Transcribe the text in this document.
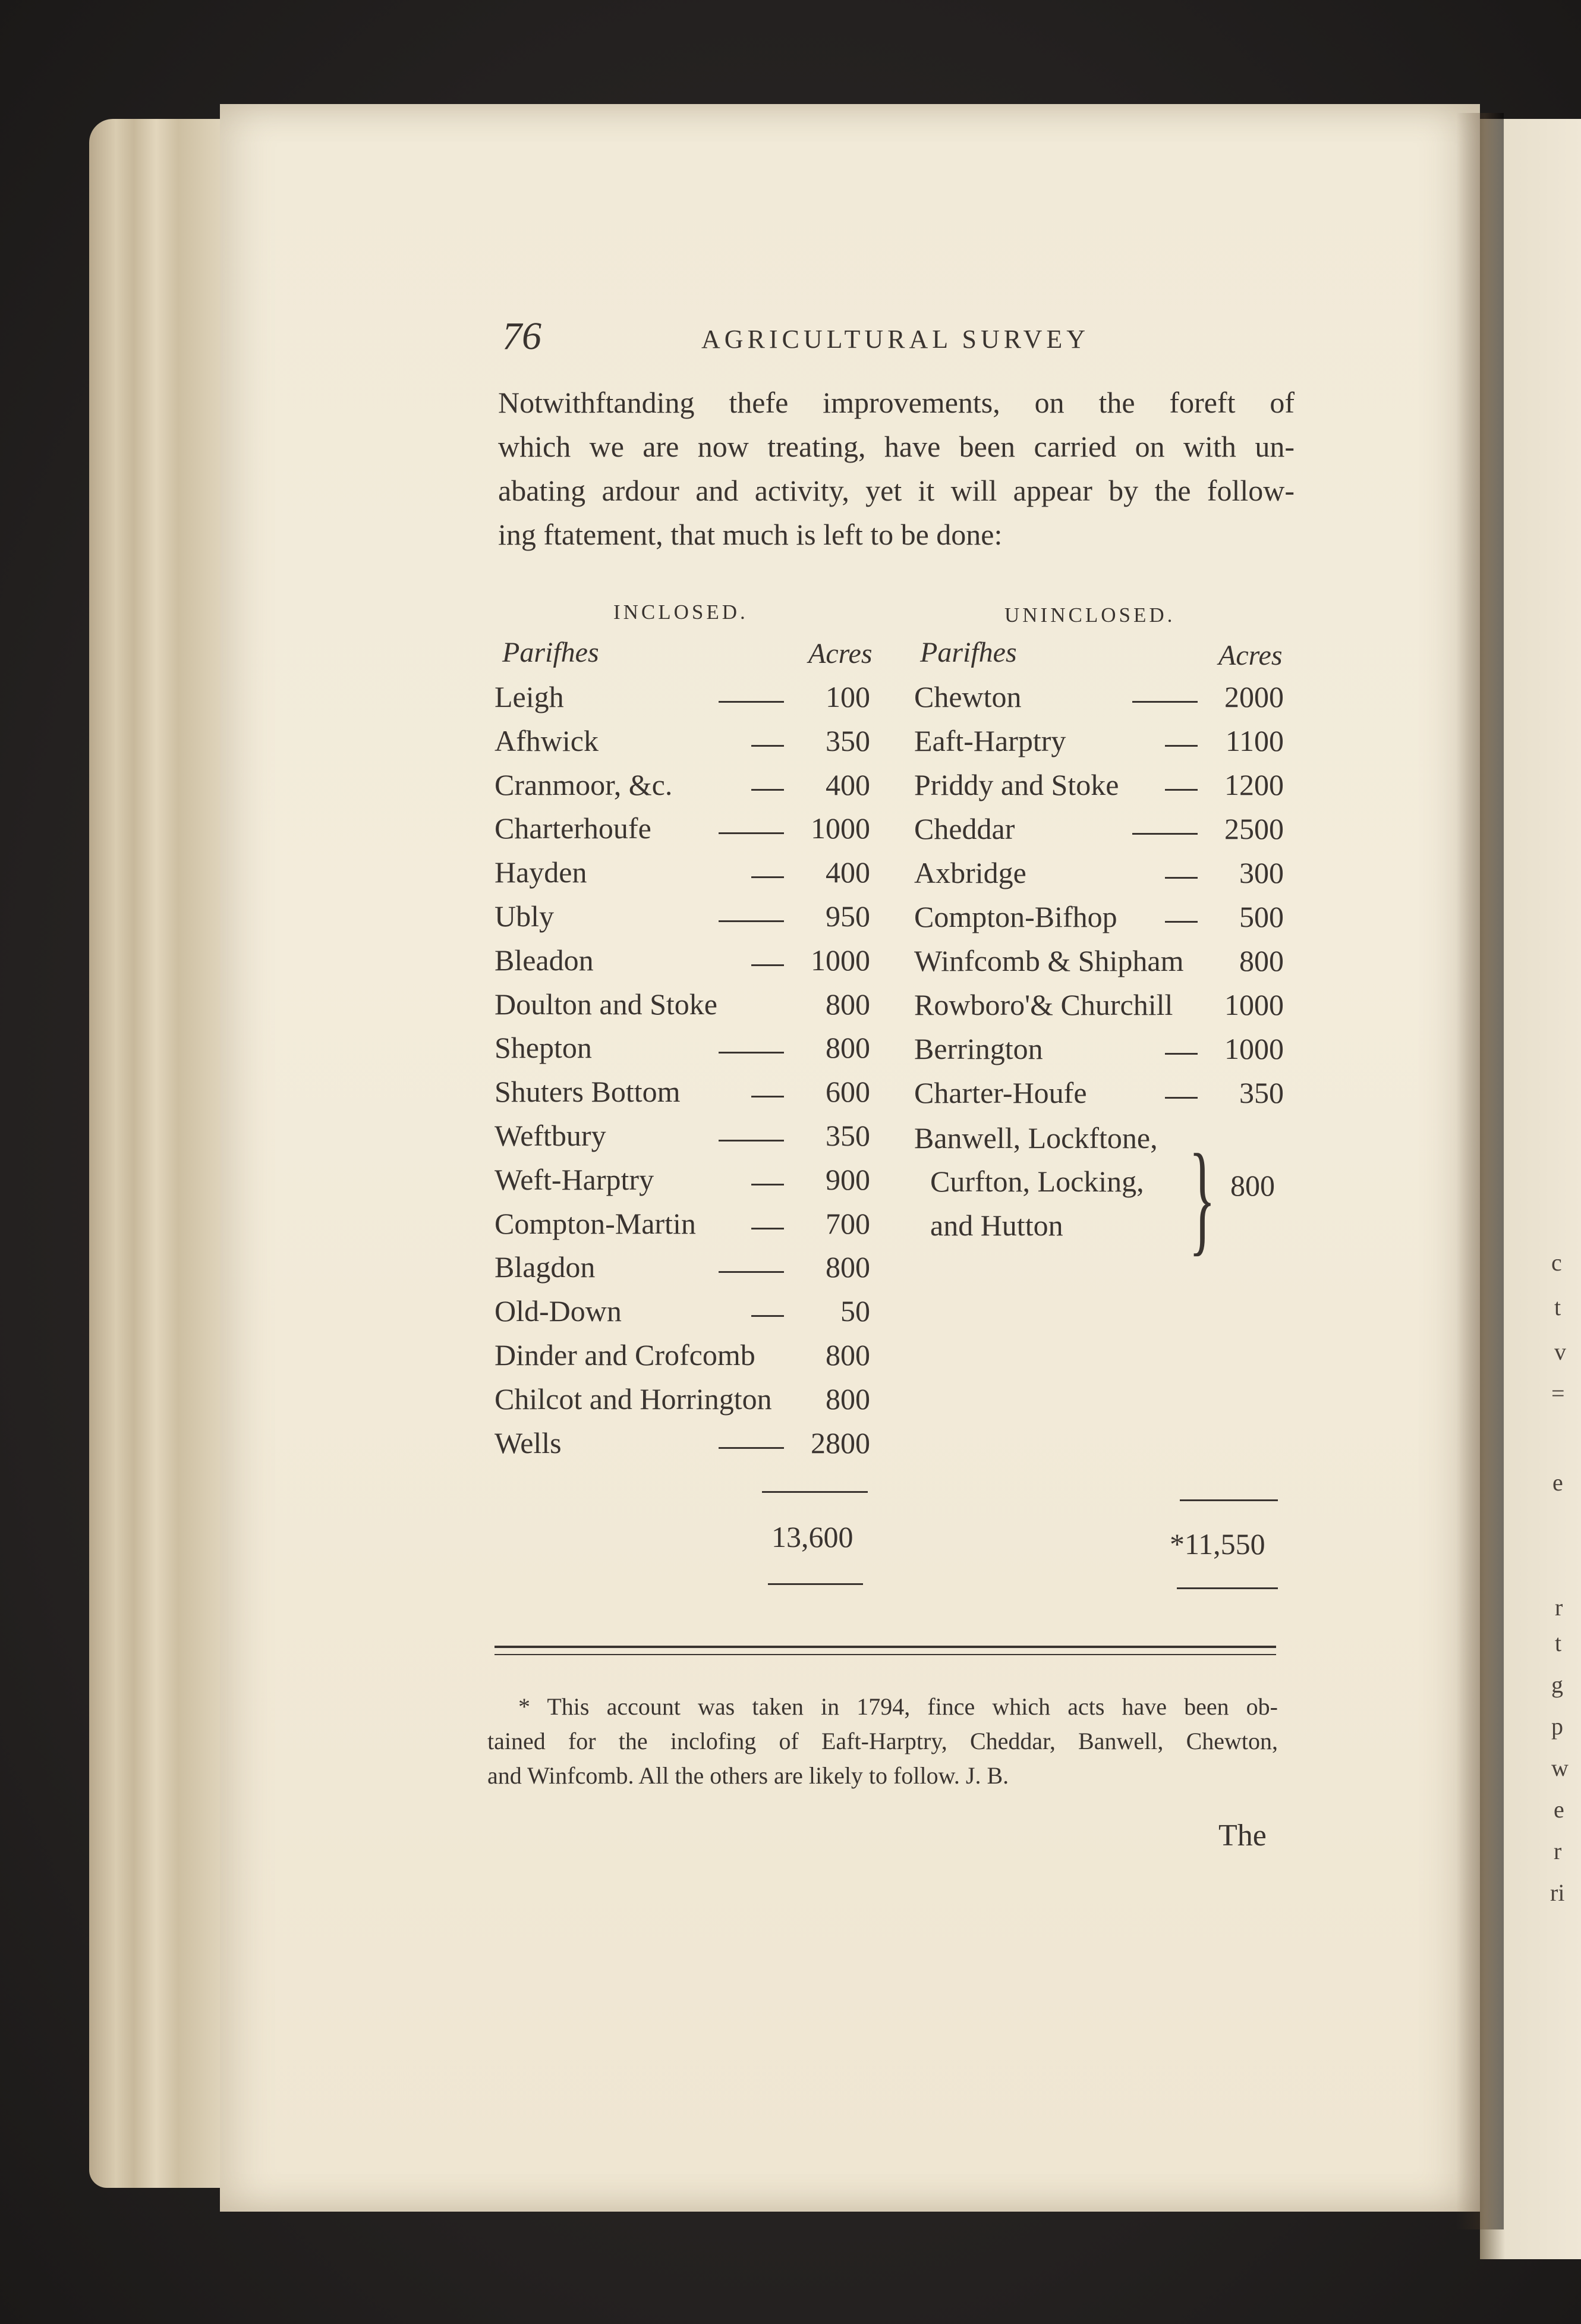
c
t
v
=
e
r
t
g
p
w
e
r
ri
76	AGRICULTURAL SURVEY
Notwithftanding thefe improvements, on the foreft of
which we are now treating, have been carried on with un-
abating ardour and activity, yet it will appear by the follow-
ing ftatement, that much is left to be done:
INCLOSED.	UNINCLOSED.
Parifhes	Acres Parifhes	Acres
Leigh	100
Afhwick	350
Cranmoor, &c.	400
Charterhoufe	1000
Hayden	400
Ubly	950
Bleadon	1000
Doulton and Stoke	800
Shepton	800
Shuters Bottom	600
Weftbury	350
Weft-Harptry	900
Compton-Martin	700
Blagdon	800
Old-Down	50
Dinder and Crofcomb 800
Chilcot and Horrington 800
Wells	2800
Chewton	2000
Eaft-Harptry	1100
Priddy and Stoke	1200
Cheddar	2500
Axbridge	300
Compton-Bifhop	500
Winfcomb & Shipham 800
Rowboro'& Churchill 1000
Berrington	1000
Charter-Houfe	350
Banwell, Lockftone,
Curfton, Locking,
and Hutton } 800
13,600	*11,550
* This account was taken in 1794, fince which acts have been ob-
tained for the inclofing of Eaft-Harptry, Cheddar, Banwell, Chewton,
and Winfcomb. All the others are likely to follow. J. B.
The
